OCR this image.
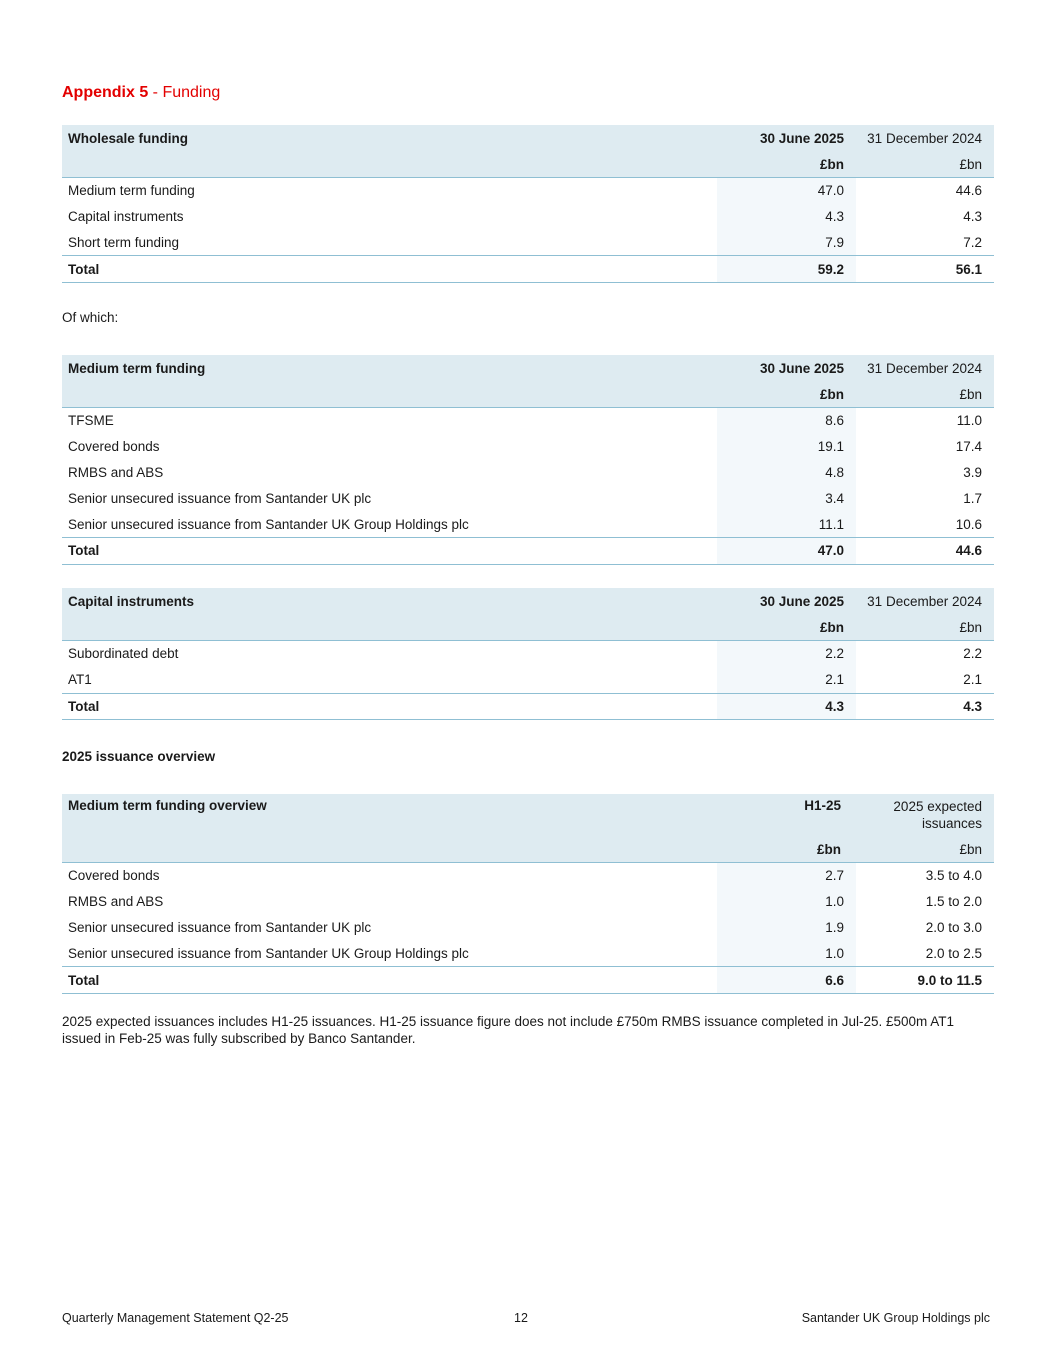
Appendix 5 - Funding
Wholesale funding	30 June 2025	31 December 2024
	£bn	£bn
Medium term funding	47.0	44.6
Capital instruments	4.3	4.3
Short term funding	7.9	7.2
Total	59.2	56.1
Of which:
Medium term funding	30 June 2025	31 December 2024
	£bn	£bn
TFSME	8.6	11.0
Covered bonds	19.1	17.4
RMBS and ABS	4.8	3.9
Senior unsecured issuance from Santander UK plc	3.4	1.7
Senior unsecured issuance from Santander UK Group Holdings plc	11.1	10.6
Total	47.0	44.6
Capital instruments	30 June 2025	31 December 2024
	£bn	£bn
Subordinated debt	2.2	2.2
AT1	2.1	2.1
Total	4.3	4.3
2025 issuance overview
Medium term funding overview	H1-25	2025 expected
issuances
	£bn	£bn
Covered bonds	2.7	3.5 to 4.0
RMBS and ABS	1.0	1.5 to 2.0
Senior unsecured issuance from Santander UK plc	1.9	2.0 to 3.0
Senior unsecured issuance from Santander UK Group Holdings plc	1.0	2.0 to 2.5
Total	6.6	9.0 to 11.5
2025 expected issuances includes H1-25 issuances. H1-25 issuance figure does not include £750m RMBS issuance completed in Jul-25. £500m AT1 issued in Feb-25 was fully subscribed by Banco Santander.
Quarterly Management Statement Q2-25	12	Santander UK Group Holdings plc
